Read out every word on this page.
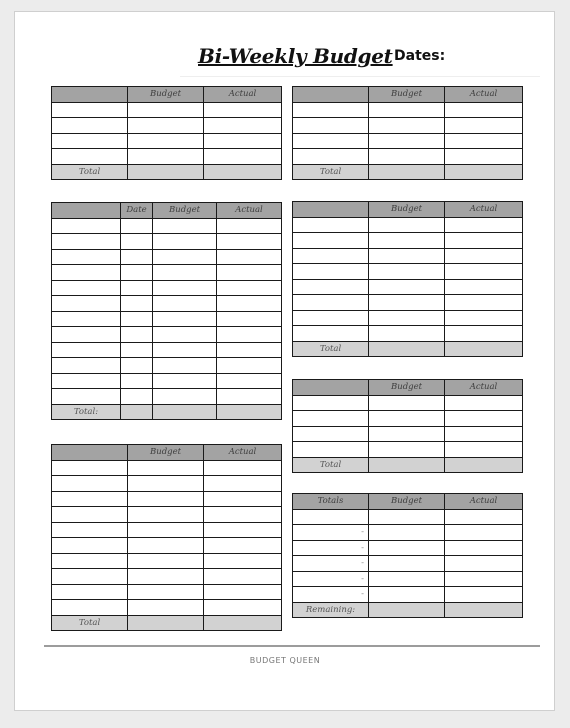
Bi-Weekly Budget Dates:
	Budget	Actual

Total		
	Budget	Actual

Total		
	Date	Budget	Actual

Total:			
	Budget	Actual

Total		
	Budget	Actual

Total		
	Budget	Actual

Total		
Totals	Budget	Actual

-		
-		
-		
-		
-		
Remaining:		
BUDGET QUEEN
